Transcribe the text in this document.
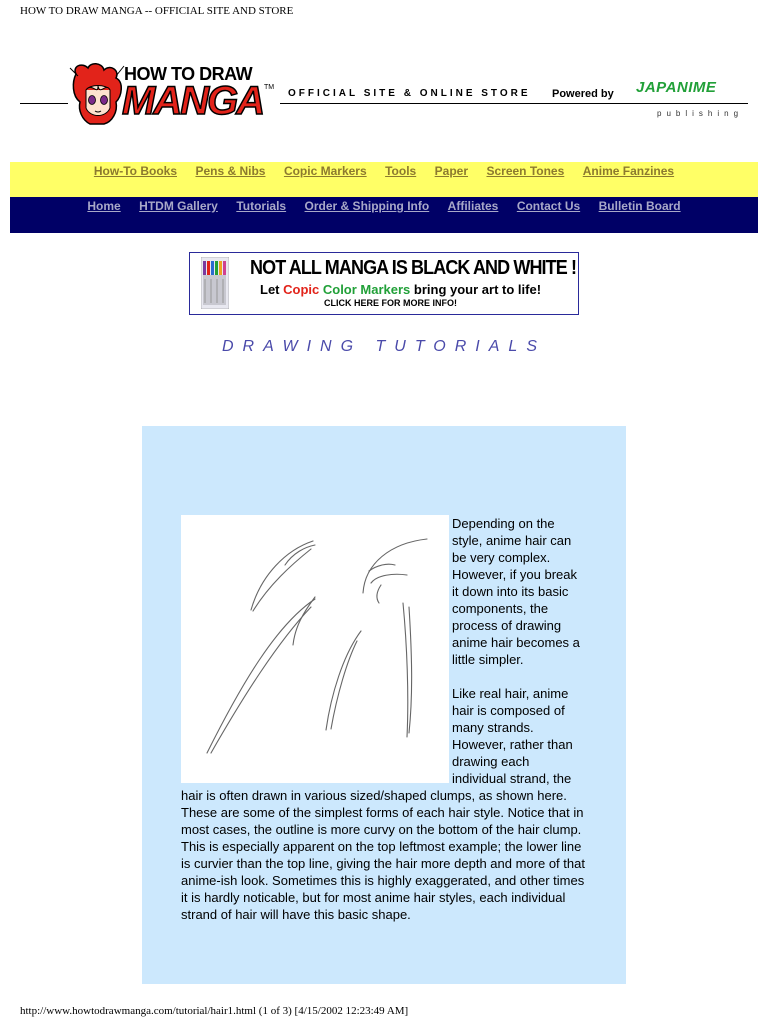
HOW TO DRAW MANGA -- OFFICIAL SITE AND STORE
HOW TO DRAW
MANGA TM
OFFICIAL SITE & ONLINE STORE Powered by JAPANIME
publishing
How-To Books Pens & Nibs Copic Markers Tools Paper Screen Tones Anime Fanzines
Home HTDM Gallery Tutorials Order & Shipping Info Affiliates Contact Us Bulletin Board
NOT ALL MANGA IS BLACK AND WHITE !
Let Copic Color Markers bring your art to life!
CLICK HERE FOR MORE INFO!
DRAWING TUTORIALS

Depending on the style, anime hair can be very complex. However, if you break it down into its basic components, the process of drawing anime hair becomes a little simpler.

Like real hair, anime hair is composed of many strands. However, rather than drawing each individual strand, the hair is often drawn in various sized/shaped clumps, as shown here. These are some of the simplest forms of each hair style. Notice that in most cases, the outline is more curvy on the bottom of the hair clump. This is especially apparent on the top leftmost example; the lower line is curvier than the top line, giving the hair more depth and more of that anime-ish look. Sometimes this is highly exaggerated, and other times it is hardly noticable, but for most anime hair styles, each individual strand of hair will have this basic shape.

http://www.howtodrawmanga.com/tutorial/hair1.html (1 of 3) [4/15/2002 12:23:49 AM]
